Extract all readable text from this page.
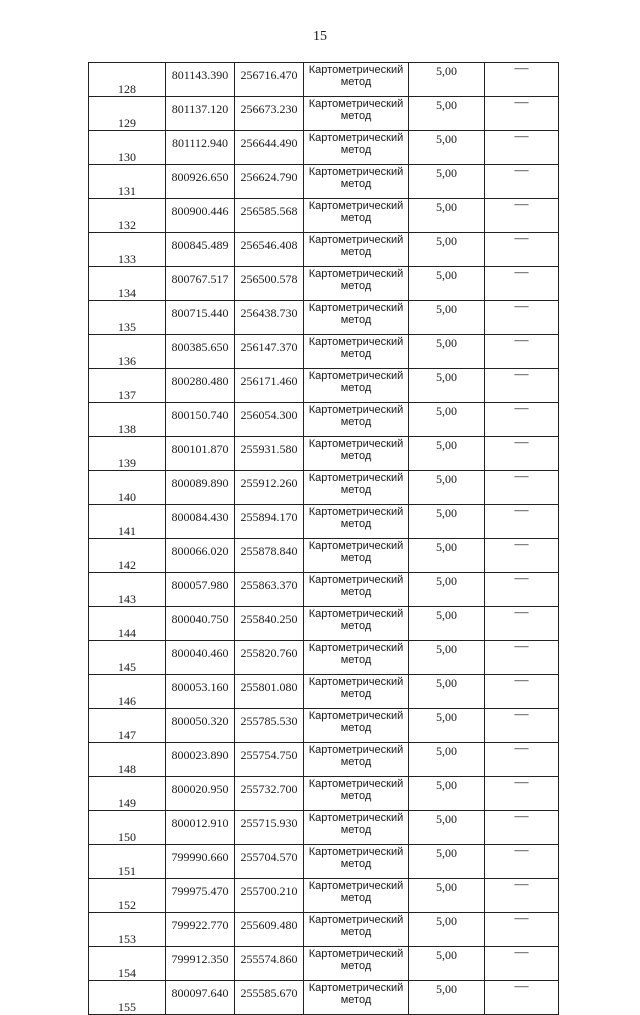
15
128	801143.390	256716.470	Картометрический
метод	5,00	—
129	801137.120	256673.230	Картометрический
метод	5,00	—
130	801112.940	256644.490	Картометрический
метод	5,00	—
131	800926.650	256624.790	Картометрический
метод	5,00	—
132	800900.446	256585.568	Картометрический
метод	5,00	—
133	800845.489	256546.408	Картометрический
метод	5,00	—
134	800767.517	256500.578	Картометрический
метод	5,00	—
135	800715.440	256438.730	Картометрический
метод	5,00	—
136	800385.650	256147.370	Картометрический
метод	5,00	—
137	800280.480	256171.460	Картометрический
метод	5,00	—
138	800150.740	256054.300	Картометрический
метод	5,00	—
139	800101.870	255931.580	Картометрический
метод	5,00	—
140	800089.890	255912.260	Картометрический
метод	5,00	—
141	800084.430	255894.170	Картометрический
метод	5,00	—
142	800066.020	255878.840	Картометрический
метод	5,00	—
143	800057.980	255863.370	Картометрический
метод	5,00	—
144	800040.750	255840.250	Картометрический
метод	5,00	—
145	800040.460	255820.760	Картометрический
метод	5,00	—
146	800053.160	255801.080	Картометрический
метод	5,00	—
147	800050.320	255785.530	Картометрический
метод	5,00	—
148	800023.890	255754.750	Картометрический
метод	5,00	—
149	800020.950	255732.700	Картометрический
метод	5,00	—
150	800012.910	255715.930	Картометрический
метод	5,00	—
151	799990.660	255704.570	Картометрический
метод	5,00	—
152	799975.470	255700.210	Картометрический
метод	5,00	—
153	799922.770	255609.480	Картометрический
метод	5,00	—
154	799912.350	255574.860	Картометрический
метод	5,00	—
155	800097.640	255585.670	Картометрический
метод	5,00	—
